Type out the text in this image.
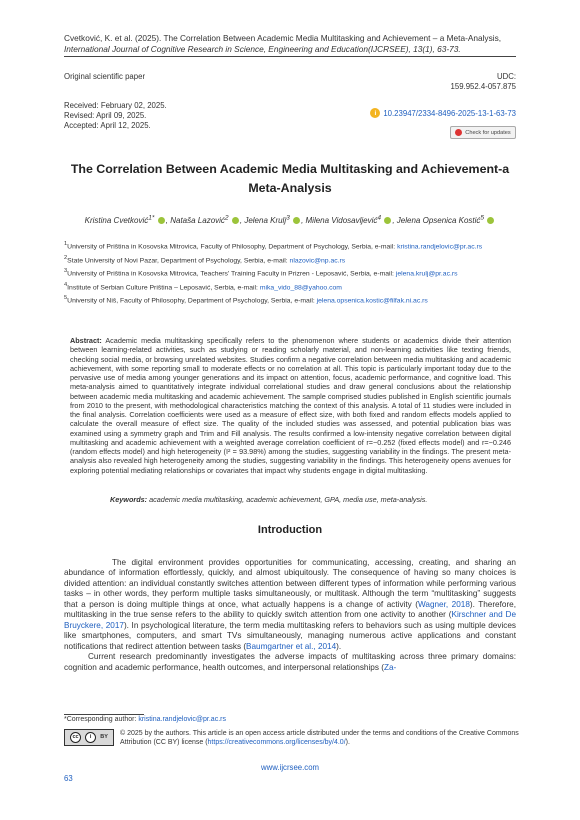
Cvetković, K. et al. (2025). The Correlation Between Academic Media Multitasking and Achievement – a Meta-Analysis,
International Journal of Cognitive Research in Science, Engineering and Education(IJCRSEE), 13(1), 63-73.
Original scientific paper
Received: February 02, 2025.
Revised: April 09, 2025.
Accepted: April 12, 2025.
UDC:
159.952.4-057.875
i 10.23947/2334-8496-2025-13-1-63-73
Check for updates
The Correlation Between Academic Media Multitasking and Achievement-a Meta-Analysis
Kristina Cvetković$^{1*}$ , Nataša Lazović$^2$ , Jelena Krulj$^3$ , Milena Vidosavljević$^4$ , Jelena Opsenica Kostić$^5$
$^1$University of Priština in Kosovska Mitrovica, Faculty of Philosophy, Department of Psychology, Serbia, e-mail: kristina.randjelovic@pr.ac.rs
$^2$State University of Novi Pazar, Department of Psychology, Serbia, e-mail: nlazovic@np.ac.rs
$^3$University of Priština in Kosovska Mitrovica, Teachers' Training Faculty in Prizren - Leposavić, Serbia, e-mail: jelena.krulj@pr.ac.rs
$^4$Institute of Serbian Culture Priština – Leposavić, Serbia, e-mail: mika_vido_88@yahoo.com
$^5$University of Niš, Faculty of Philosophy, Department of Psychology, Serbia, e-mail: jelena.opsenica.kostic@filfak.ni.ac.rs
Abstract: Academic media multitasking specifically refers to the phenomenon where students or academics divide their attention between learning-related activities, such as studying or reading scholarly material, and non-learning activities like texting friends, checking social media, or browsing unrelated websites. Studies confirm a negative correlation between media multitasking and academic achievement, with some reporting small to moderate effects or no correlation at all. This topic is particularly important today due to the pervasive use of media among younger generations and its impact on attention, focus, academic performance, and cognitive load. This meta-analysis aimed to quantitatively integrate individual correlational studies and draw general conclusions about the relationship between academic media multitasking and academic achievement. The sample comprised studies published in English scientific journals from 2010 to the present, with methodological characteristics matching the context of this analysis. A total of 11 studies were included in the final analysis. Correlation coefficients were used as a measure of effect size, with both fixed and random effects models applied to calculate the overall measure of effect size. The quality of the included studies was assessed, and potential publication bias was examined using a symmetry graph and Trim and Fill analysis. The results confirmed a low-intensity negative correlation between digital multitasking and academic achievement with a weighted average correlation coefficient of r=−0.252 (fixed effects model) and r=−0.246 (random effects model) and high heterogeneity (I² = 93.98%) among the studies, suggesting variability in the findings. The present meta-analysis also revealed high heterogeneity among the studies, suggesting variability in the findings. This heterogeneity opens avenues for exploring potential mediating relationships or covariates that impact why students engage in digital multitasking.
Keywords: academic media multitasking, academic achievement, GPA, media use, meta-analysis.
Introduction

The digital environment provides opportunities for communicating, accessing, creating, and sharing an abundance of information effortlessly, quickly, and almost ubiquitously. The consequence of having so many choices is divided attention: an individual constantly switches attention between different types of information while performing various tasks – in other words, they perform multiple tasks simultaneously, or multitask. Although the term “multitasking” suggests that a person is doing multiple things at once, what actually happens is a change of activity (Wagner, 2018). Therefore, multitasking in the true sense refers to the ability to quickly switch attention from one activity to another (Kirschner and De Bruyckere, 2017). In psychological literature, the term media multitasking refers to behaviors such as using multiple devices like smartphones, computers, and smart TVs simultaneously, managing numerous active applications and constant notifications that redirect attention between tasks (Baumgartner et al., 2014).

Current research predominantly investigates the adverse impacts of multitasking across three primary domains: cognition and academic performance, health outcomes, and interpersonal relationships (Za-

*Corresponding author: kristina.randjelovic@pr.ac.rs
cc	i	BY © 2025 by the authors. This article is an open access article distributed under the terms and conditions of the Creative Commons Attribution (CC BY) license (https://creativecommons.org/licenses/by/4.0/).
www.ijcrsee.com
63
